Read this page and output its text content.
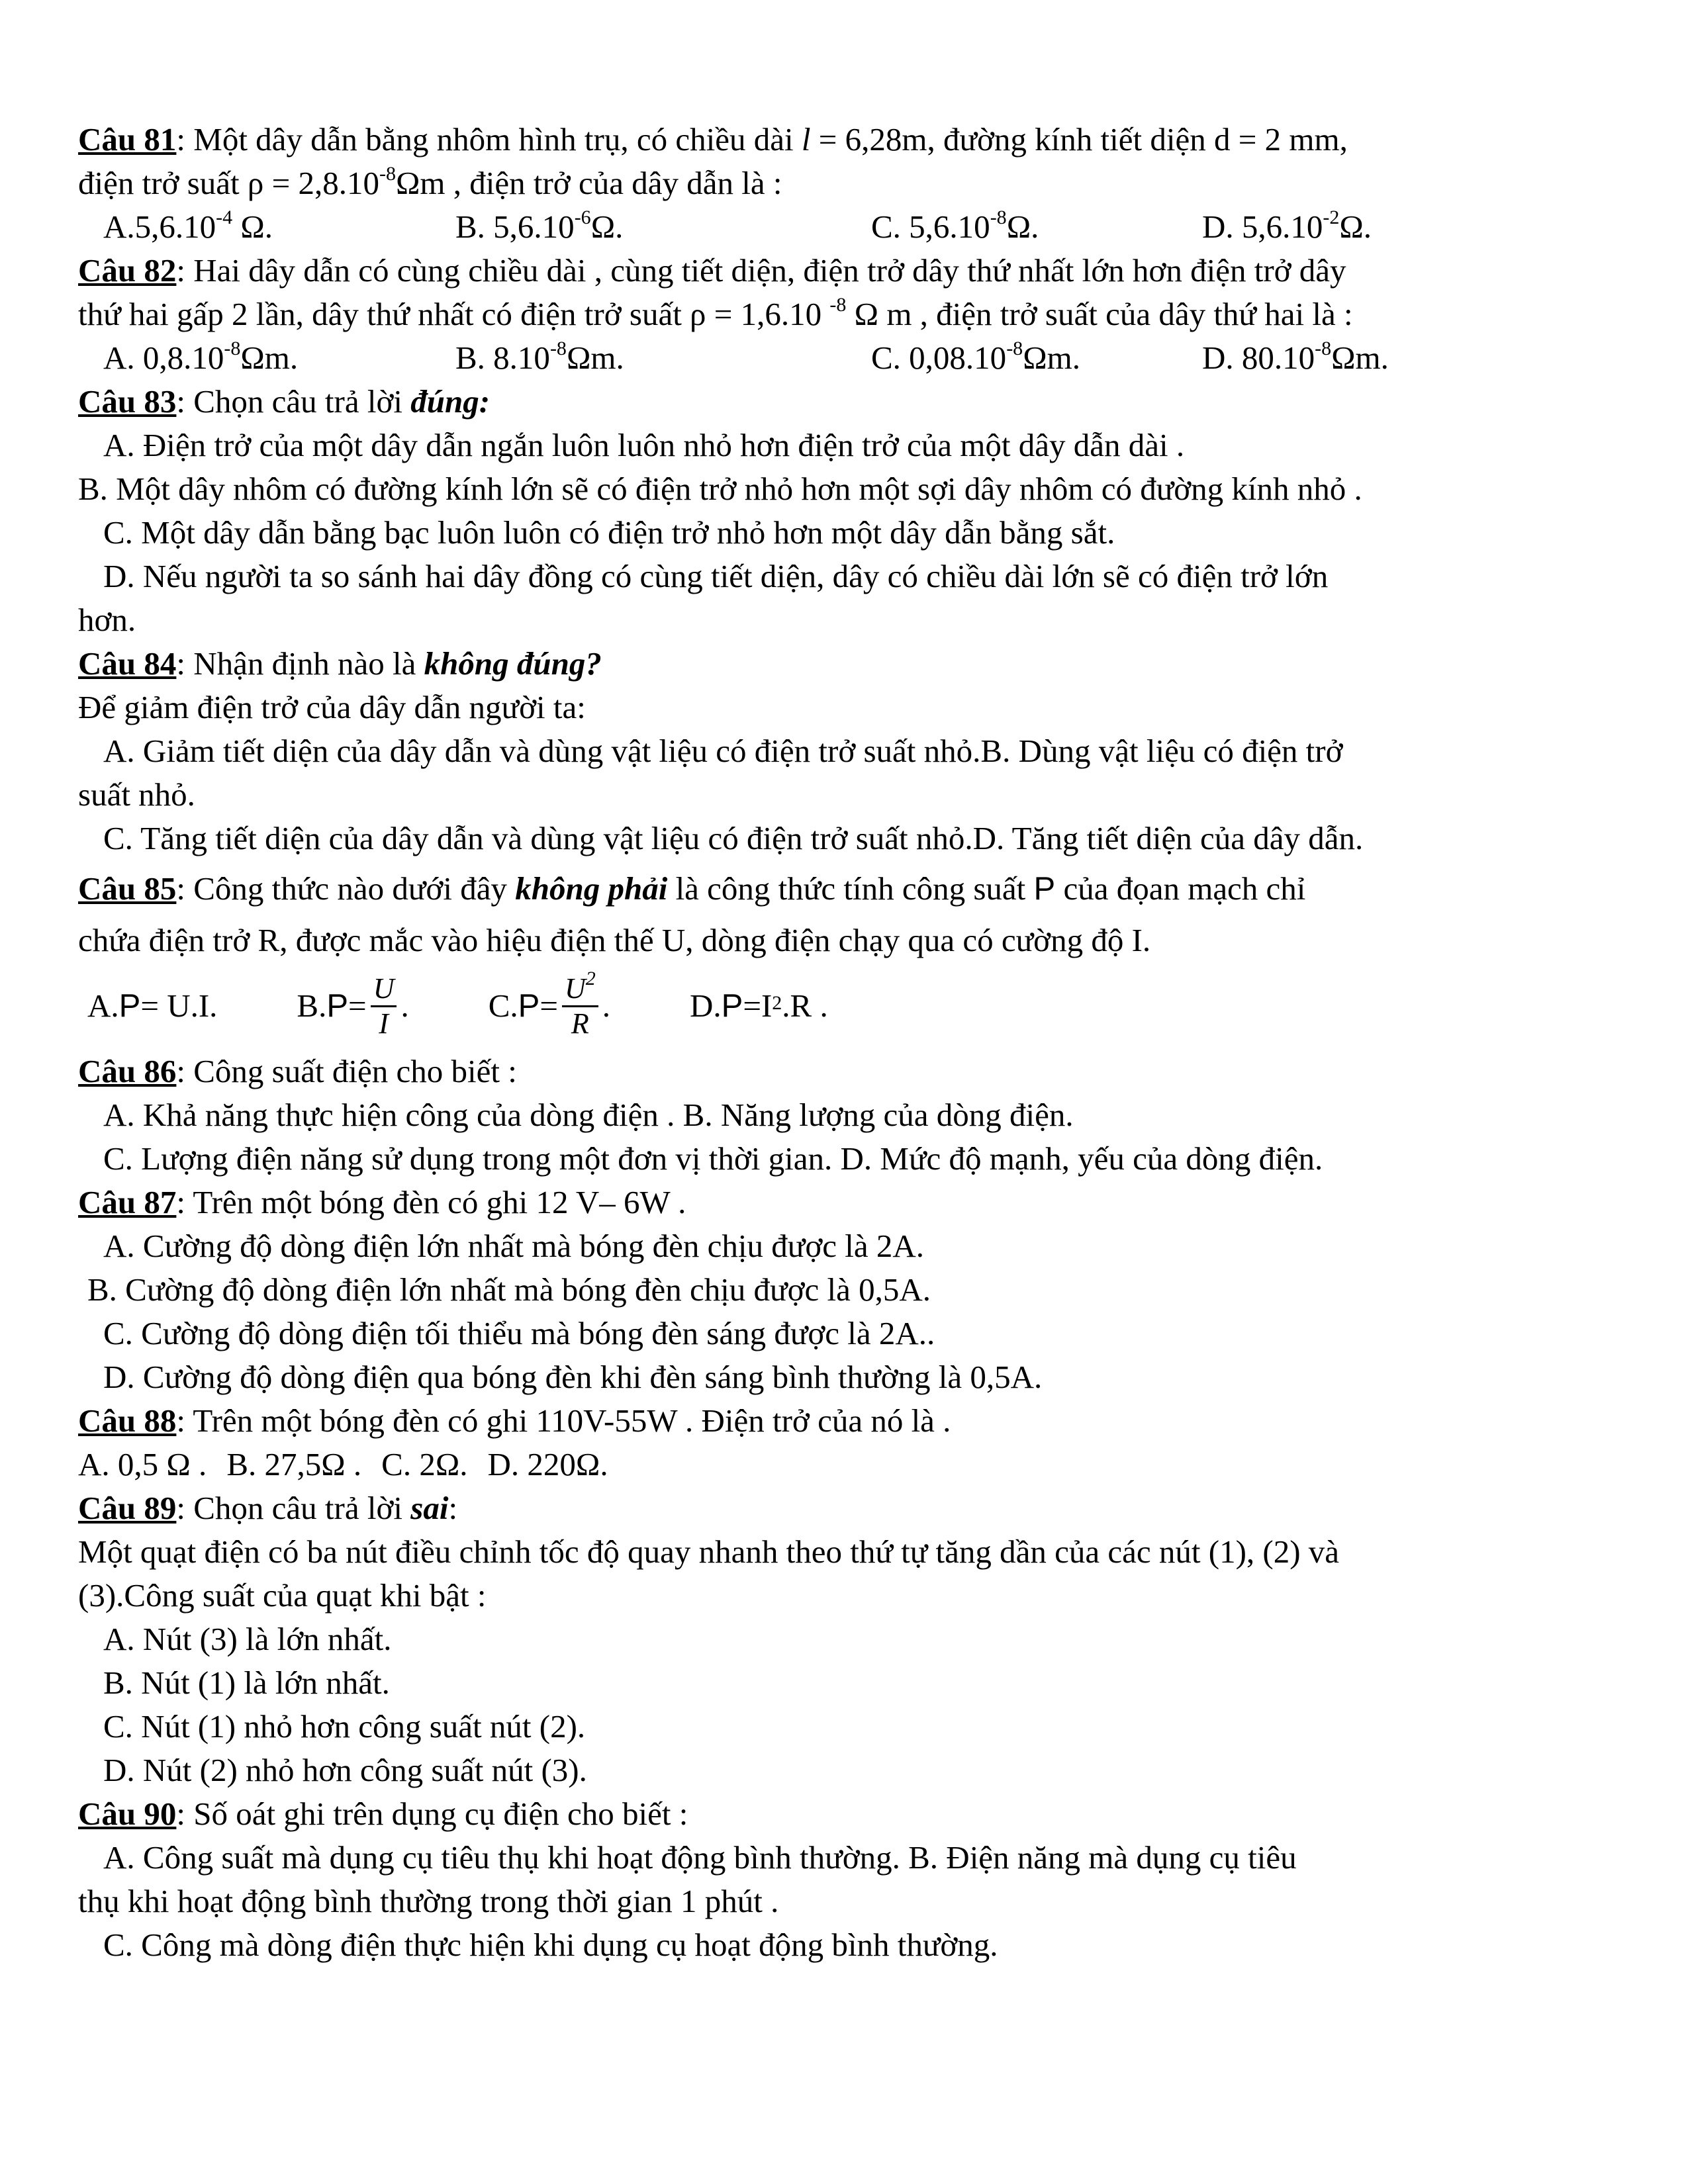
Câu 81: Một dây dẫn bằng nhôm hình trụ, có chiều dài l = 6,28m, đường kính tiết diện d = 2 mm,
điện trở suất $\rho = 2,8.10^{-8}\Omega m$ , điện trở của dây dẫn là :
$A.5,6.10^{-4}$ Ω.	B. $5,6.10^{-6}\Omega$.	C. $5,6.10^{-8}\Omega$.	D. $5,6.10^{-2}\Omega$.
Câu 82: Hai dây dẫn có cùng chiều dài , cùng tiết diện, điện trở dây thứ nhất lớn hơn điện trở dây
thứ hai gấp 2 lần, dây thứ nhất có điện trở suất ρ = 1,6.10 $^{-8}$ Ω m , điện trở suất của dây thứ hai là :
A. $0,8.10^{-8}\Omega m$.	B. $8.10^{-8}\Omega m$.	C. $0,08.10^{-8}\Omega m$.	D. $80.10^{-8}\Omega m$.
Câu 83: Chọn câu trả lời đúng:
A. Điện trở của một dây dẫn ngắn luôn luôn nhỏ hơn điện trở của một dây dẫn dài .
B. Một dây nhôm có đường kính lớn sẽ có điện trở nhỏ hơn một sợi dây nhôm có đường kính nhỏ .
C. Một dây dẫn bằng bạc luôn luôn có điện trở nhỏ hơn một dây dẫn bằng sắt.
D. Nếu người ta so sánh hai dây đồng có cùng tiết diện, dây có chiều dài lớn sẽ có điện trở lớn
hơn.
Câu 84: Nhận định nào là không đúng?
Để giảm điện trở của dây dẫn người ta:
A. Giảm tiết diện của dây dẫn và dùng vật liệu có điện trở suất nhỏ.B. Dùng vật liệu có điện trở
suất nhỏ.
C. Tăng tiết diện của dây dẫn và dùng vật liệu có điện trở suất nhỏ.D. Tăng tiết diện của dây dẫn.
Câu 85: Công thức nào dưới đây không phải là công thức tính công suất P của đọan mạch chỉ
chứa điện trở R, được mắc vào hiệu điện thế U, dòng điện chạy qua có cường độ I.
A. P = U.I. B. $P = \frac{U}{I}$ . C. $P = \frac{U^2}{R}$ . D. P =I $^2$ .R .
Câu 86: Công suất điện cho biết :
A. Khả năng thực hiện công của dòng điện . B. Năng lượng của dòng điện.
C. Lượng điện năng sử dụng trong một đơn vị thời gian. D. Mức độ mạnh, yếu của dòng điện.
Câu 87: Trên một bóng đèn có ghi 12 V– 6W .
A. Cường độ dòng điện lớn nhất mà bóng đèn chịu được là 2A.
B. Cường độ dòng điện lớn nhất mà bóng đèn chịu được là 0,5A.
C. Cường độ dòng điện tối thiểu mà bóng đèn sáng được là 2A..
D. Cường độ dòng điện qua bóng đèn khi đèn sáng bình thường là 0,5A.
Câu 88: Trên một bóng đèn có ghi 110V-55W . Điện trở của nó là .
A. 0,5 Ω . B. 27,5Ω . C. 2Ω. D. 220Ω.
Câu 89: Chọn câu trả lời sai:
Một quạt điện có ba nút điều chỉnh tốc độ quay nhanh theo thứ tự tăng dần của các nút (1), (2) và
(3).Công suất của quạt khi bật :
A. Nút (3) là lớn nhất.
B. Nút (1) là lớn nhất.
C. Nút (1) nhỏ hơn công suất nút (2).
D. Nút (2) nhỏ hơn công suất nút (3).
Câu 90: Số oát ghi trên dụng cụ điện cho biết :
A. Công suất mà dụng cụ tiêu thụ khi hoạt động bình thường. B. Điện năng mà dụng cụ tiêu
thụ khi hoạt động bình thường trong thời gian 1 phút .
C. Công mà dòng điện thực hiện khi dụng cụ hoạt động bình thường.
